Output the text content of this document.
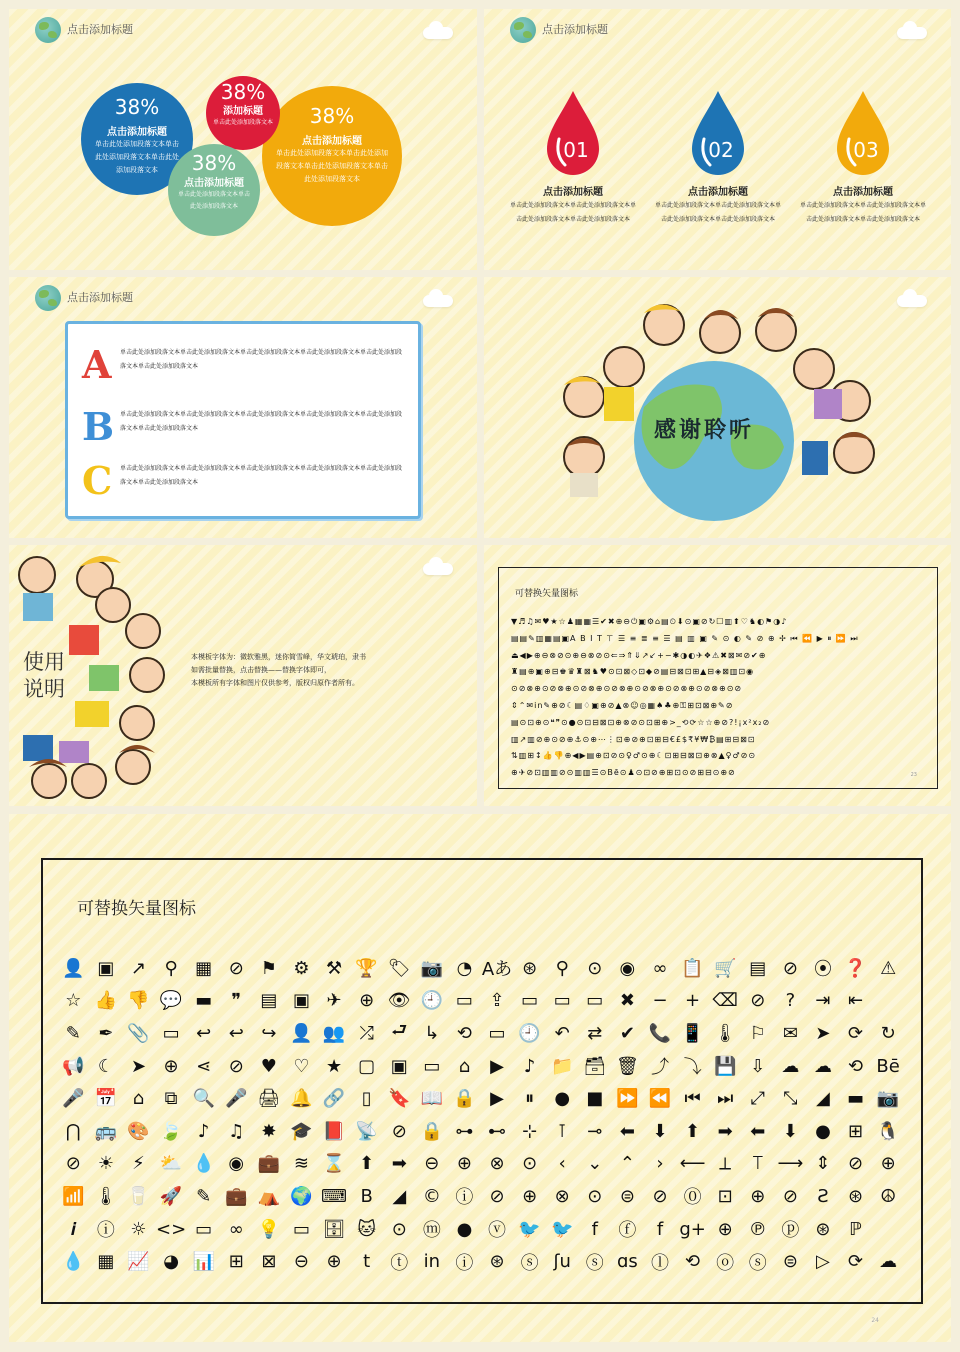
点击添加标题
38%
点击添加标题
单击此处添加段落文本单击此处添加段落文本单击此处添加段落文本
38%
点击添加标题
单击此处添加段落文本单击此处添加段落文本单击此处添加段落文本单击此处添加段落文本
38%
添加标题
单击此处添加段落文本
38%
点击添加标题
单击此处添加段落文本单击此处添加段落文本
点击添加标题
01
点击添加标题
单击此处添加段落文本单击此处添加段落文本单击此处添加段落文本单击此处添加段落文本
02
点击添加标题
单击此处添加段落文本单击此处添加段落文本单击此处添加段落文本单击此处添加段落文本
03
点击添加标题
单击此处添加段落文本单击此处添加段落文本单击此处添加段落文本单击此处添加段落文本
点击添加标题
A 单击此处添加段落文本单击此处添加段落文本单击此处添加段落文本单击此处添加段落文本单击此处添加段落文本单击此处添加段落文本
B 单击此处添加段落文本单击此处添加段落文本单击此处添加段落文本单击此处添加段落文本单击此处添加段落文本单击此处添加段落文本
C 单击此处添加段落文本单击此处添加段落文本单击此处添加段落文本单击此处添加段落文本单击此处添加段落文本单击此处添加段落文本
感谢聆听
使用说明
本模板字体为：微软雅黑，迷你简雪峰，华文琥珀，隶书
如需批量替换，点击替换——替换字体即可，
本模板所有字体和图片仅供参考，版权归原作者所有。
可替换矢量图标
▼♬♫✉♥★☆♟▦▦☰✔✖⊕⊖⏻▣⚙⌂▤⏲⬇⊙▣⊘↻☐▥⬆♡♞◐⚑◑♪
▤▤✎▥▦▤▣A B I T ⊤ ☰ ≡ ≣ ≡ ☰ ▤ ▥ ▣ ✎ ⊙ ◐ ✎ ⊘ ⊕ ✢ ⏮ ⏪ ▶ ⏸ ⏩ ⏭
⏏◀▶⊕⊖⊗⊘⊙⊕⊖⊗⊘⊙⇐⇒⇑⇓↗↙+−✱◑◐✈❖⚠✖⊠✉⊘✔⊕
♜▤⊕▣⊕⊟♚♛♜⊠♞♥⊙⊡⊠◇⊡◆⊘▤⊟⊠⊡⊞▲⊟◈⊠▥⊡◉
⊙⊘⊗⊕⊙⊘⊗⊕⊙⊘⊗⊕⊙⊘⊗⊕⊙⊘⊗⊕⊙⊘⊗⊕⊙⊘⊗⊕⊙⊘
⇕⌃✉in✎⊕⊘☾▤♢▣⊕⊘▲⊗☺◎▦♠♣⊕⚿⊞⊡⊠⊕✎⊘
▤⊙⊡⊕⊙❝❞⊙●⊙⊡⊟⊠⊡⊕⊗⊘⊙⊡⊞⊕>_⟲⟳☆☆⊕⊘?!¡x²x₂⊘
▥↗▥⊘⊕⊙⊘⊕⚓⊙⊕⋯⋮⊡⊕⊘⊕⊡⊞⊟€£$₹¥₩₿▤⊞⊟⊠⊡
⇅▥⊞↕👍👎⊕◀▶▤⊕⊡⊘⊙♀♂⊙⊕☾⊡⊞⊟⊠⊡⊕⊗▲♀♂⊘⊙
⊕✈⊘⊡▥▥⊘⊙▥▥☰⊙Bē⊙♟⊙⊡⊘⊕⊞⊡⊙⊘⊞⊟⊙⊕⊘	23
可替换矢量图标
👤 ▣ ↗	⚲ ▦ ⊘ ⚑ ⚙ ⚒ 🏆 🏷 📷 ◔ Aあ ⊛	⚲	⊙ ◉ ∞ 📋 🛒 ▤ ⊘ ⦿ ❓ ⚠
☆ 👍 👎 💬 ▬	❞	▤ ▣ ✈ ⊕ 👁 🕘 ▭ ⇪ ▭ ▭ ▭ ✖ − + ⌫ ⊘	?	⇥ ⇤
✎ ✒ 📎 ▭ ↩ ↩ ↪ 👤 👥 ⤮ ⮐ ↳ ⟲ ▭ 🕘 ↶ ⇄ ✔ 📞 📱 🌡 ⚐ ✉ ➤ ⟳ ↻
📢 ☾ ➤ ⊕ ⋖ ⊘ ♥ ♡ ★ ▢ ▣ ▭	⌂	▶	♪ 📁 🗃 🗑 ⤴ ⤵ 💾 ⇩ ☁ ☁ ⟲ Bē
🎤 📅 ⌂	⧉ 🔍 🎤 🖨 🔔 🔗 ▯ 🔖 📖 🔒 ▶	⏸	● ■ ⏩ ⏪ ⏮ ⏭ ⤢	⤡	◢ ▬ 📷
⋂ 🚌 🎨 🍃 ♪	♫ ✸ 🎓 📕 📡 ⊘ 🔒 ⊶ ⊷ ⊹	⊺	⊸ ⬅ ⬇ ⬆ ➡ ⬅ ⬇ ● ⊞ 🐧
⊘ ☀	⚡ ⛅ 💧 ◉ 💼 ≋ ⌛ ⬆ ➡ ⊖ ⊕ ⊗ ⊙	‹	⌄ ⌃	› ⟵ ⟂	⟙ ⟶ ⇕ ⊘ ⊕
📶 🌡 🥛 🚀 ✎ 💼 ⛺ 🌍 ⌨ B	◢ © ⓘ ⊘ ⊕ ⊗ ⊙ ⊜ ⊘ ⓪ ⊡ ⊕ ⊘	Ƨ	⊛ ☮
𝒊	ⓘ ☼ <> ▭ ∞ 💡 ▭ 🗄 🐱 ⊙ ⓜ ● ⓥ 🐦 🐦	f	ⓕ	f g+ ⊕ ℗ ⓟ ⊛	ℙ
💧 ▦ 📈 ◕ 📊 ⊞ ⊠ ⊖ ⊕	t	ⓣ in ⓘ ⊛ ⓢ ʃu ⓢ ɑs ⓛ ⟲ ⓞ ⓢ ⊜	▷	⟳ ☁
24
